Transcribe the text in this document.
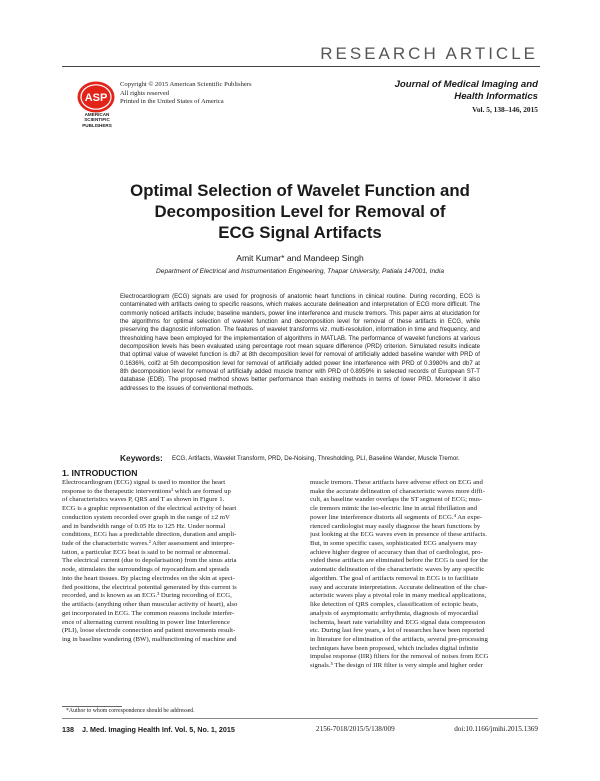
RESEARCH ARTICLE
ASP
AMERICAN
SCIENTIFIC
PUBLISHERS
Copyright © 2015 American Scientific Publishers
All rights reserved
Printed in the United States of America
Journal of Medical Imaging and
Health Informatics
Vol. 5, 138–146, 2015
Optimal Selection of Wavelet Function and
Decomposition Level for Removal of
ECG Signal Artifacts
Amit Kumar* and Mandeep Singh
Department of Electrical and Instrumentation Engineering, Thapar University, Patiala 147001, India
Electrocardiogram (ECG) signals are used for prognosis of anatomic heart functions in clinical routine. During recording, ECG is contaminated with artifacts owing to specific reasons, which makes accurate delineation and interpretation of ECG more difficult. The commonly noticed artifacts include; baseline wanders, power line interference and muscle tremors. This paper aims at elucidation for the algorithms for optimal selection of wavelet function and decomposition level for removal of these artifacts in ECG, while preserving the diagnostic information. The features of wavelet transforms viz. multi-resolution, information in time and frequency, and thresholding have been employed for the implementation of algorithms in MATLAB. The performance of wavelet functions at various decomposition levels has been evaluated using percentage root mean square difference (PRD) criterion. Simulated results indicate that optimal value of wavelet function is db7 at 8th decomposition level for removal of artificially added baseline wander with PRD of 0.1636%, coif2 at 5th decomposition level for removal of artificially added power line interference with PRD of 0.3980% and db7 at 8th decomposition level for removal of artificially added muscle tremor with PRD of 0.8959% in selected records of European ST-T database (EDB). The proposed method shows better performance than existing methods in terms of lower PRD. Moreover it also addresses to the issues of conventional methods.
Keywords:	ECG, Artifacts, Wavelet Transform, PRD, De-Noising, Thresholding, PLI, Baseline Wander, Muscle Tremor.
1. INTRODUCTION
Electrocardiogram (ECG) signal is used to monitor the heart
response to the therapeutic interventions¹ which are formed up
of characteristics waves P, QRS and T as shown in Figure 1.
ECG is a graphic representation of the electrical activity of heart
conduction system recorded over graph in the range of ±2 mV
and in bandwidth range of 0.05 Hz to 125 Hz. Under normal
conditions, ECG has a predictable direction, duration and ampli-
tude of the characteristic waves.² After assessment and interpre-
tation, a particular ECG beat is said to be normal or abnormal.
The electrical current (due to depolarisation) from the sinus atria
node, stimulates the surroundings of myocardium and spreads
into the heart tissues. By placing electrodes on the skin at speci-
fied positions, the electrical potential generated by this current is
recorded, and is known as an ECG.³ During recording of ECG,
the artifacts (anything other than muscular activity of heart), also
get incorporated in ECG. The common reasons include interfer-
ence of alternating current resulting in power line Interference
(PLI), loose electrode connection and patient movements result-
ing in baseline wandering (BW), malfunctioning of machine and
muscle tremors. These artifacts have adverse effect on ECG and
make the accurate delineation of characteristic waves more diffi-
cult, as baseline wander overlaps the ST segment of ECG; mus-
cle tremors mimic the iso-electric line in atrial fibrillation and
power line interference distorts all segments of ECG.⁴ An expe-
rienced cardiologist may easily diagnose the heart functions by
just looking at the ECG waves even in presence of these artifacts.
But, in some specific cases, sophisticated ECG analysers may
achieve higher degree of accuracy than that of cardiologist, pro-
vided these artifacts are eliminated before the ECG is used for the
automatic delineation of the characteristic waves by any specific
algorithm. The goal of artifacts removal in ECG is to facilitate
easy and accurate interpretation. Accurate delineation of the char-
acteristic waves play a pivotal role in many medical applications,
like detection of QRS complex, classification of ectopic beats,
analysis of asymptomatic arrhythmia, diagnosis of myocardial
ischemia, heart rate variability and ECG signal data compression
etc. During last few years, a lot of researches have been reported
in literature for elimination of the artifacts, several pre-processing
techniques have been proposed, which includes digital infinite
impulse response (IIR) filters for the removal of noises from ECG
signals.⁵ The design of IIR filter is very simple and higher order
*Author to whom correspondence should be addressed.
138 J. Med. Imaging Health Inf. Vol. 5, No. 1, 2015	2156-7018/2015/5/138/009	doi:10.1166/jmihi.2015.1369
